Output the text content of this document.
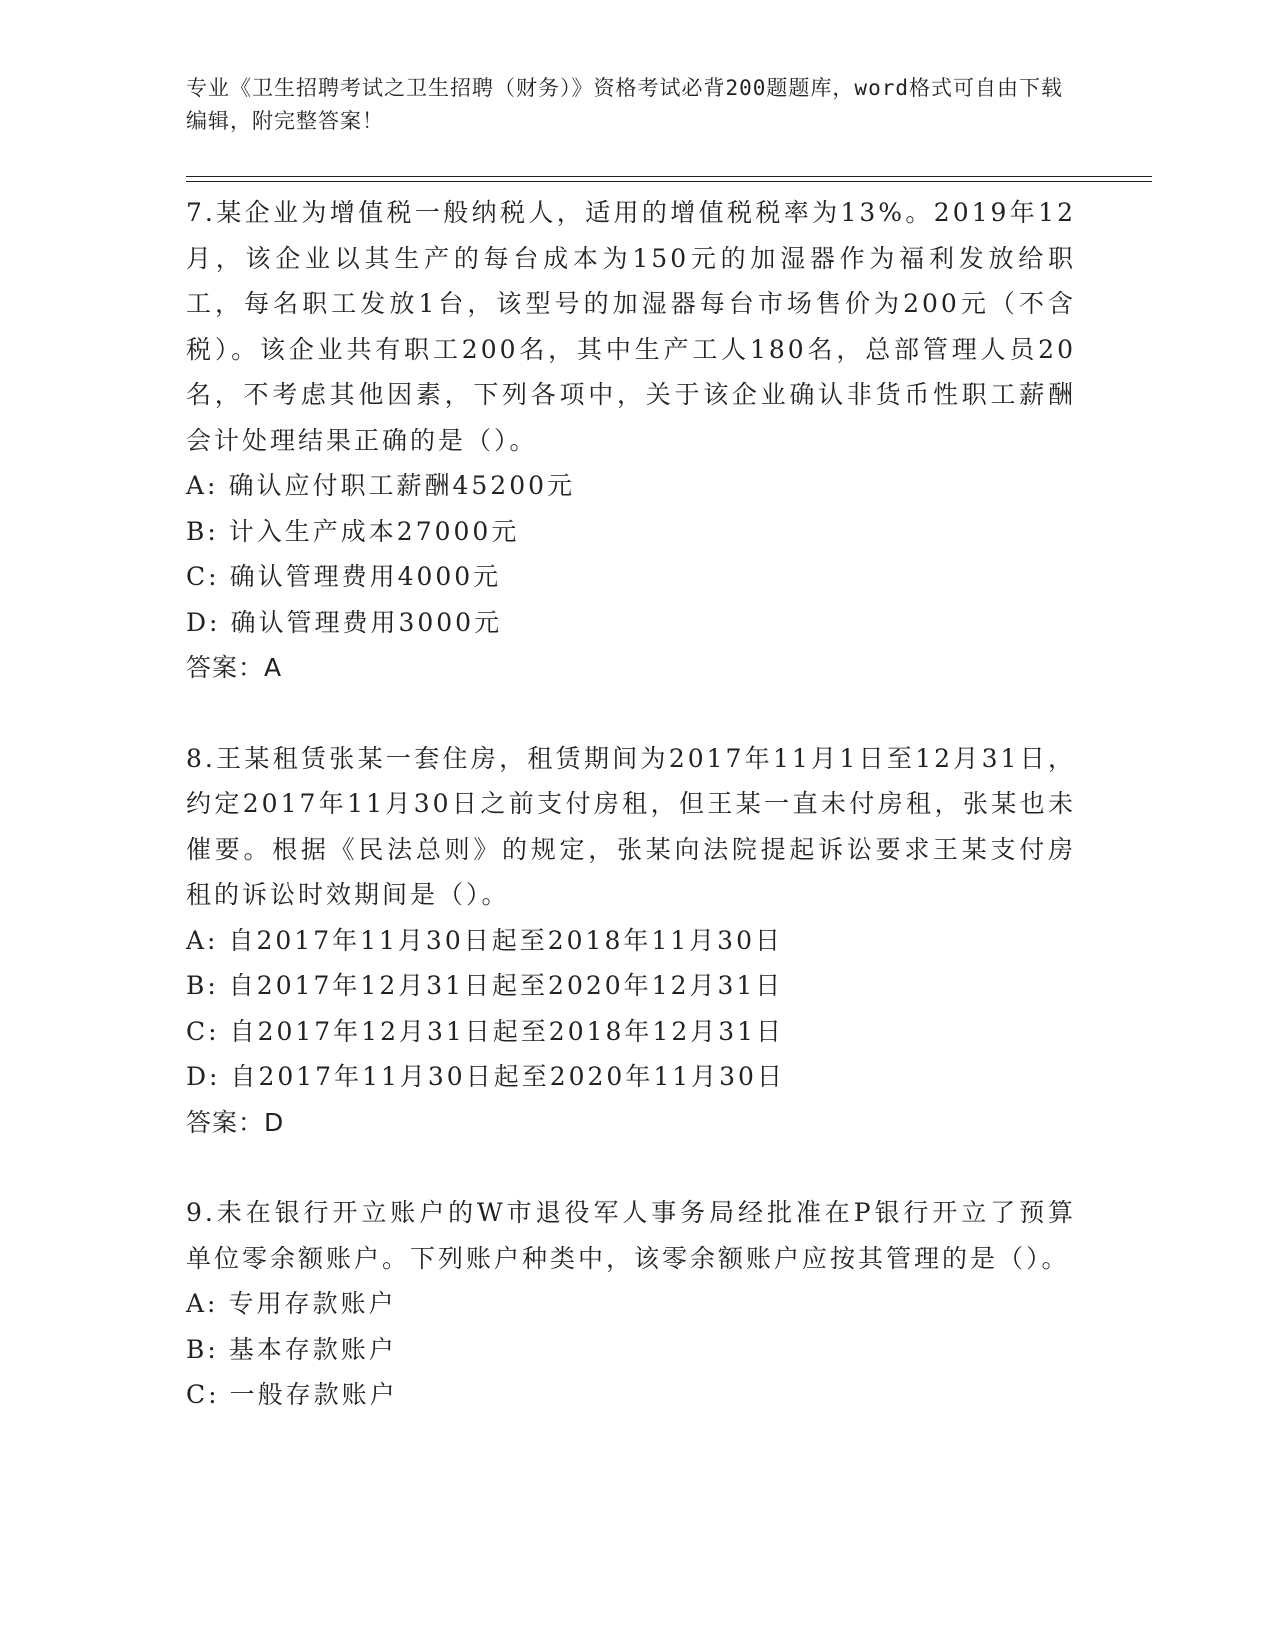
专业《卫生招聘考试之卫生招聘（财务）》资格考试必背200题题库，word格式可自由下载编辑，附完整答案！

7.某企业为增值税一般纳税人，适用的增值税税率为13%。2019年12月，该企业以其生产的每台成本为150元的加湿器作为福利发放给职工，每名职工发放1台，该型号的加湿器每台市场售价为200元（不含税）。该企业共有职工200名，其中生产工人180名，总部管理人员20名，不考虑其他因素，下列各项中，关于该企业确认非货币性职工薪酬会计处理结果正确的是（）。

A: 确认应付职工薪酬45200元

B: 计入生产成本27000元

C: 确认管理费用4000元

D: 确认管理费用3000元

答案：A

8.王某租赁张某一套住房，租赁期间为2017年11月1日至12月31日，约定2017年11月30日之前支付房租，但王某一直未付房租，张某也未催要。根据《民法总则》的规定，张某向法院提起诉讼要求王某支付房租的诉讼时效期间是（）。

A: 自2017年11月30日起至2018年11月30日

B: 自2017年12月31日起至2020年12月31日

C: 自2017年12月31日起至2018年12月31日

D: 自2017年11月30日起至2020年11月30日

答案：D

9.未在银行开立账户的W市退役军人事务局经批准在P银行开立了预算单位零余额账户。下列账户种类中，该零余额账户应按其管理的是（）。

A: 专用存款账户

B: 基本存款账户

C: 一般存款账户
